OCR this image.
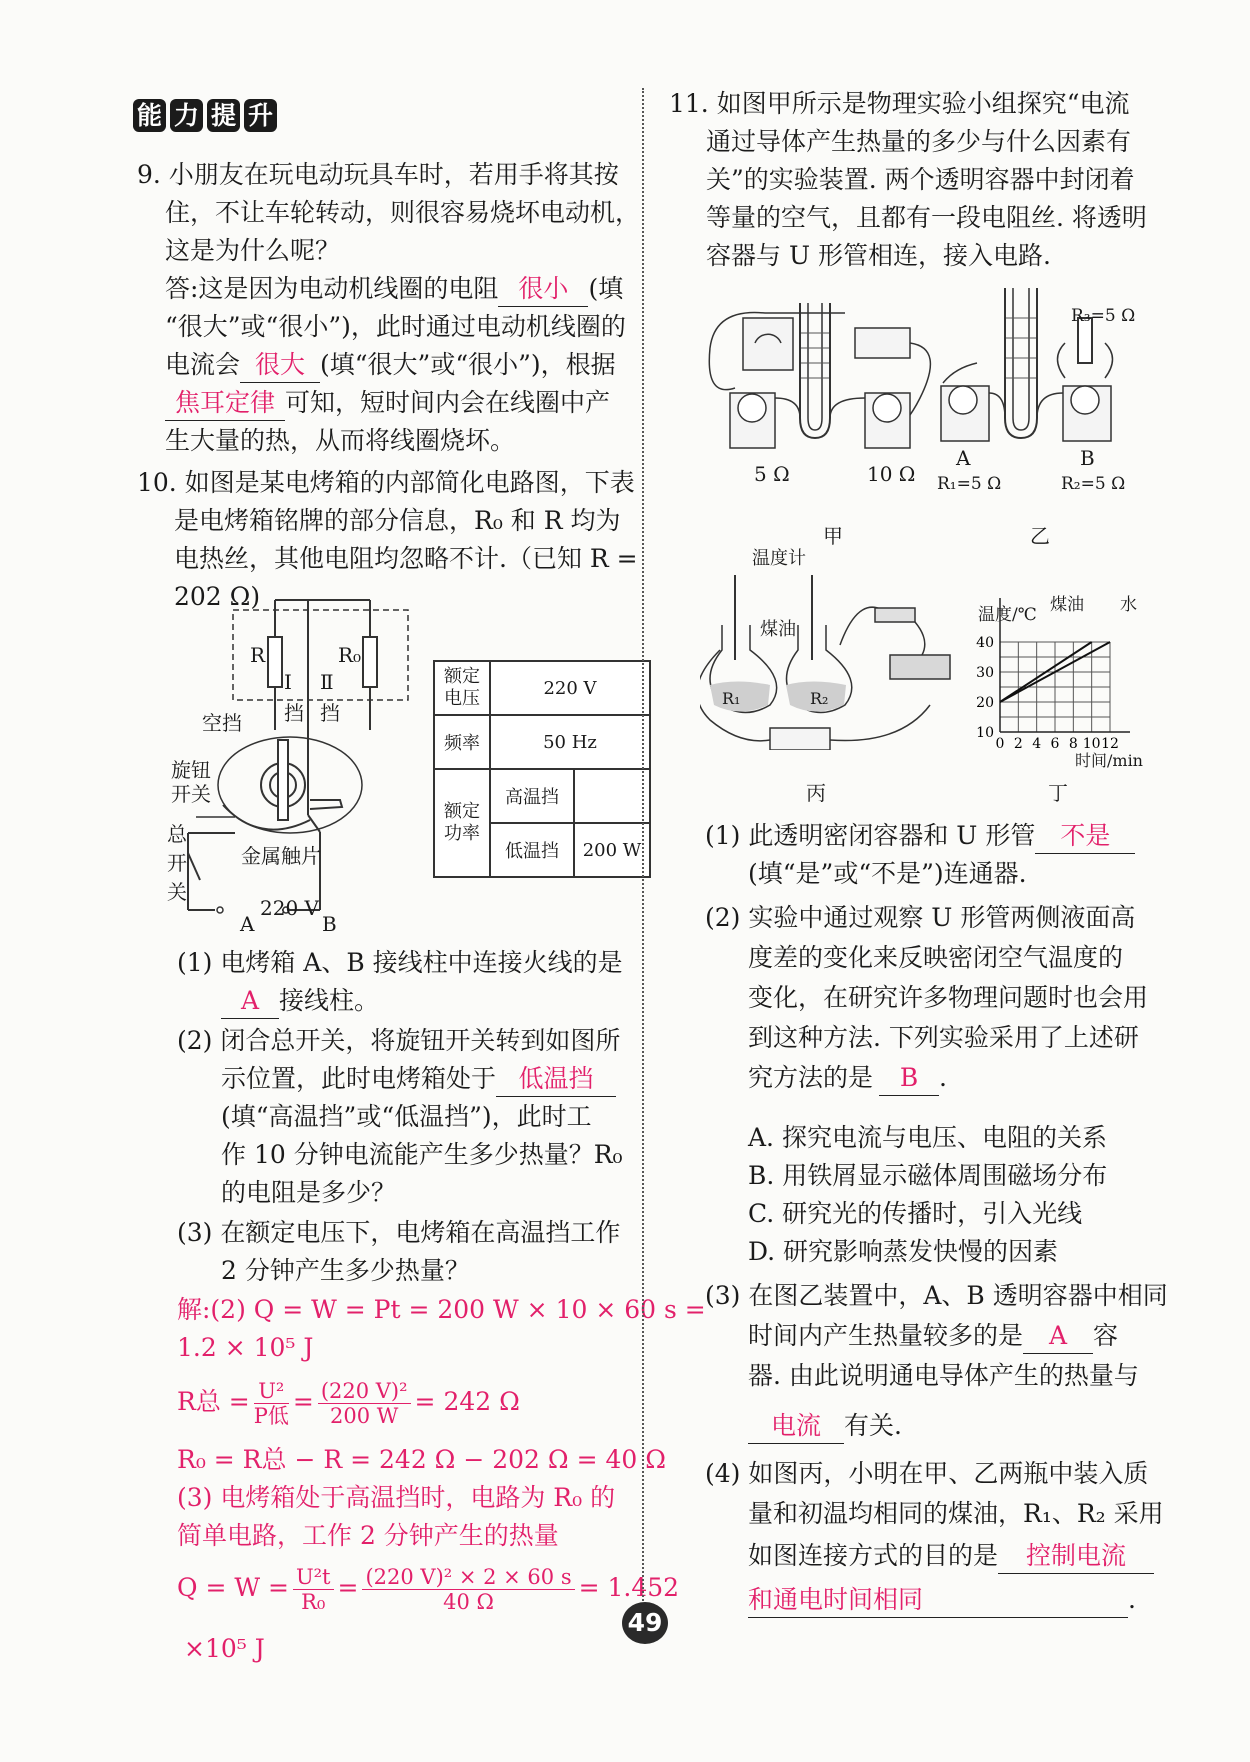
能 力 提 升
9. 小朋友在玩电动玩具车时，若用手将其按
住，不让车轮转动，则很容易烧坏电动机，
这是为什么呢？
答:这是因为电动机线圈的电阻 很小 (填
“很大”或“很小”)，此时通过电动机线圈的
电流会 很大 (填“很大”或“很小”)，根据
焦耳定律 可知，短时间内会在线圈中产
生大量的热，从而将线圈烧坏。
10. 如图是某电烤箱的内部简化电路图，下表
是电烤箱铭牌的部分信息，R₀ 和 R 均为
电热丝，其他电阻均忽略不计.（已知 R =
202 Ω)
R	R₀
Ⅰ
挡
Ⅱ
挡
空挡
旋钮
开关
总
开
关
金属触片
220 V
A	B
额定
电压	220 V	
频率	50 Hz	
额定
功率	高温挡	
	低温挡	200 W
(1) 电烤箱 A、B 接线柱中连接火线的是
A 接线柱。
(2) 闭合总开关，将旋钮开关转到如图所
示位置，此时电烤箱处于 低温挡
(填“高温挡”或“低温挡”)，此时工
作 10 分钟电流能产生多少热量？R₀
的电阻是多少？
(3) 在额定电压下，电烤箱在高温挡工作
2 分钟产生多少热量？
解:(2) Q = W = Pt = 200 W × 10 × 60 s =
1.2 × 10⁵ J
R总 = $\frac{\text{U²}}{\text{P低}} = \frac{\text{(220 V)²}}{200 W} = 242$ Ω
R₀ = R总 − R = 242 Ω − 202 Ω = 40 Ω
(3) 电烤箱处于高温挡时，电路为 R₀ 的
简单电路，工作 2 分钟产生的热量
$Q = W = \frac{\text{U²t}}{\text{R₀}} = \frac{\text{(220 V)² × 2 × 60 s}}{40 \Omega} = 1.452$
×10⁵ J
11. 如图甲所示是物理实验小组探究“电流
通过导体产生热量的多少与什么因素有
关”的实验装置. 两个透明容器中封闭着
等量的空气，且都有一段电阻丝. 将透明
容器与 U 形管相连，接入电路.
5 Ω	10 Ω
R₃=5 Ω
A	B
R₁=5 Ω	R₂=5 Ω
甲	乙
温度计
煤油
R₁	R₂
丙
40
30
20
10
0 2 4 6 8 10 12
温度/℃ 煤油 水
时间/min
丁
(1) 此透明密闭容器和 U 形管 不是
(填“是”或“不是”)连通器.
(2) 实验中通过观察 U 形管两侧液面高
度差的变化来反映密闭空气温度的
变化，在研究许多物理问题时也会用
到这种方法. 下列实验采用了上述研
究方法的是 B .
A. 探究电流与电压、电阻的关系
B. 用铁屑显示磁体周围磁场分布
C. 研究光的传播时，引入光线
D. 研究影响蒸发快慢的因素
(3) 在图乙装置中，A、B 透明容器中相同
时间内产生热量较多的是 A 容
器. 由此说明通电导体产生的热量与
电流 有关.
(4) 如图丙，小明在甲、乙两瓶中装入质
量和初温均相同的煤油，R₁、R₂ 采用
如图连接方式的目的是 控制电流
和通电时间相同	.
49
